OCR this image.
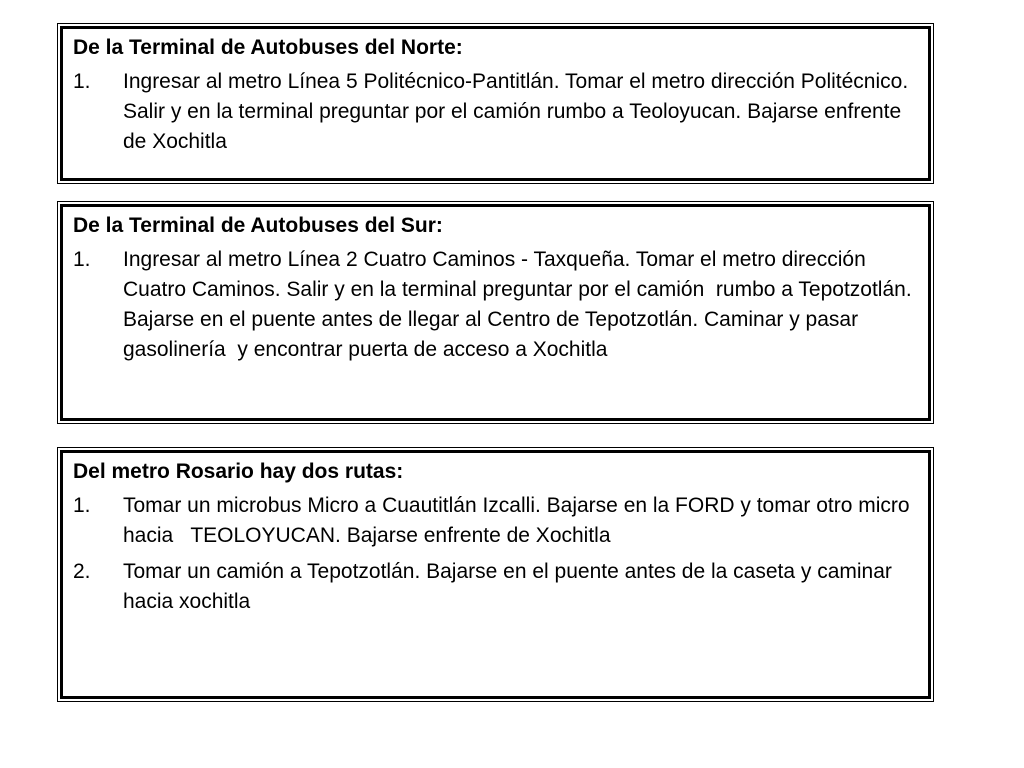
De la Terminal de Autobuses del Norte:
1.	Ingresar al metro Línea 5 Politécnico-Pantitlán. Tomar el metro dirección Politécnico. Salir y en la terminal preguntar por el camión rumbo a Teoloyucan. Bajarse enfrente de Xochitla
De la Terminal de Autobuses del Sur:
1.	Ingresar al metro Línea 2 Cuatro Caminos - Taxqueña. Tomar el metro dirección Cuatro Caminos. Salir y en la terminal preguntar por el camión  rumbo a Tepotzotlán. Bajarse en el puente antes de llegar al Centro de Tepotzotlán. Caminar y pasar gasolinería  y encontrar puerta de acceso a Xochitla
Del metro Rosario hay dos rutas:
1.	Tomar un microbus Micro a Cuautitlán Izcalli. Bajarse en la FORD y tomar otro micro hacia   TEOLOYUCAN. Bajarse enfrente de Xochitla
2.	Tomar un camión a Tepotzotlán. Bajarse en el puente antes de la caseta y caminar hacia xochitla
